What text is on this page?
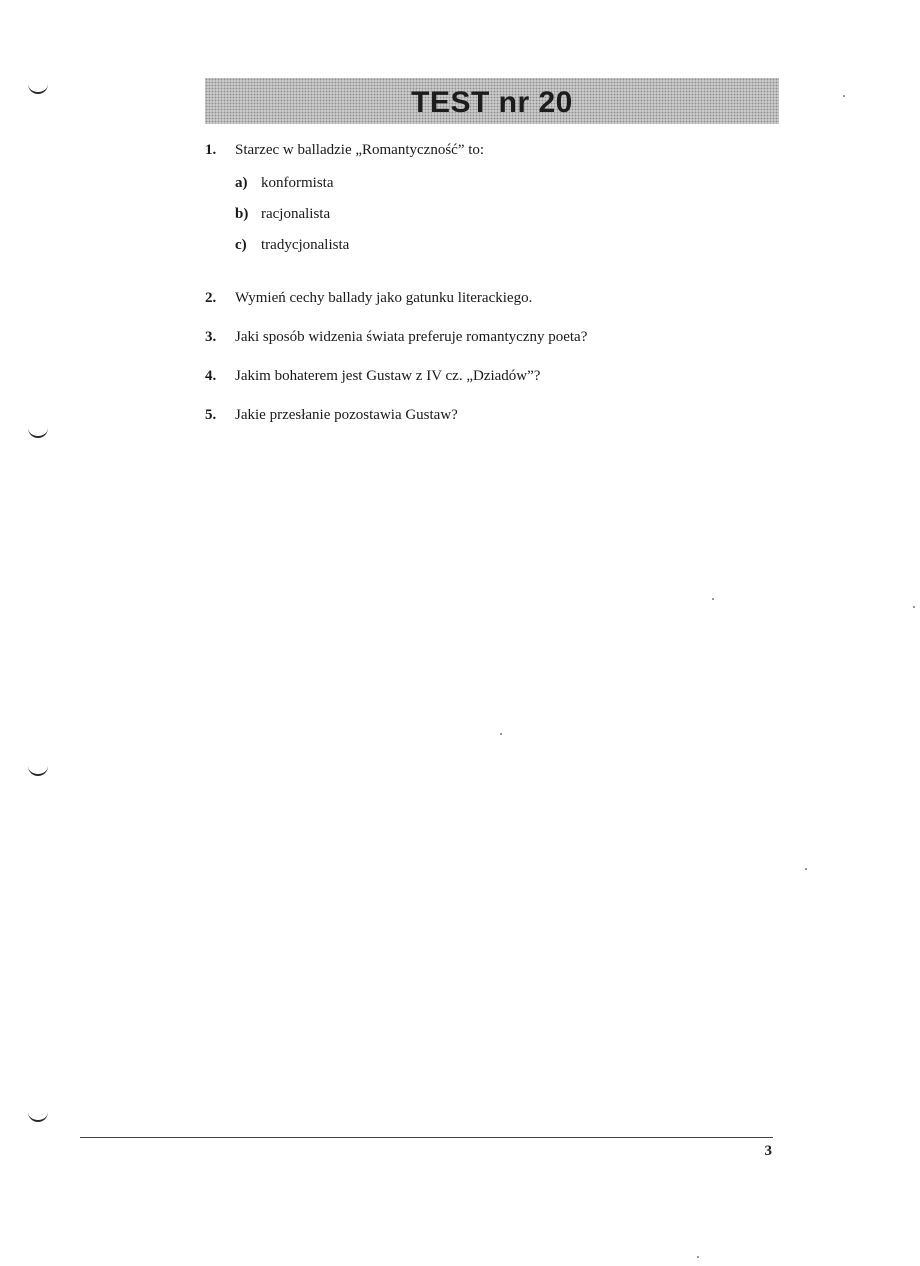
TEST nr 20
1.	Starzec w balladzie „Romantyczność” to:
a) konformista
b) racjonalista
c) tradycjonalista
2.	Wymień cechy ballady jako gatunku literackiego.
3.	Jaki sposób widzenia świata preferuje romantyczny poeta?
4.	Jakim bohaterem jest Gustaw z IV cz. „Dziadów”?
5.	Jakie przesłanie pozostawia Gustaw?
3
